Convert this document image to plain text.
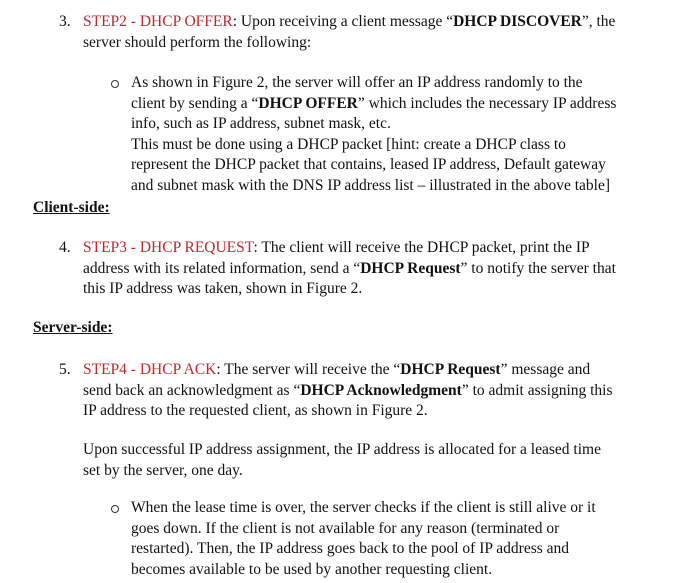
3. STEP2 - DHCP OFFER: Upon receiving a client message “DHCP DISCOVER”, the
server should perform the following:
As shown in Figure 2, the server will offer an IP address randomly to the
client by sending a “DHCP OFFER” which includes the necessary IP address
info, such as IP address, subnet mask, etc.
This must be done using a DHCP packet [hint: create a DHCP class to
represent the DHCP packet that contains, leased IP address, Default gateway
and subnet mask with the DNS IP address list – illustrated in the above table]
Client-side:
4. STEP3 - DHCP REQUEST: The client will receive the DHCP packet, print the IP
address with its related information, send a “DHCP Request” to notify the server that
this IP address was taken, shown in Figure 2.
Server-side:
5. STEP4 - DHCP ACK: The server will receive the “DHCP Request” message and
send back an acknowledgment as “DHCP Acknowledgment” to admit assigning this
IP address to the requested client, as shown in Figure 2.
Upon successful IP address assignment, the IP address is allocated for a leased time
set by the server, one day.
When the lease time is over, the server checks if the client is still alive or it
goes down. If the client is not available for any reason (terminated or
restarted). Then, the IP address goes back to the pool of IP address and
becomes available to be used by another requesting client.
